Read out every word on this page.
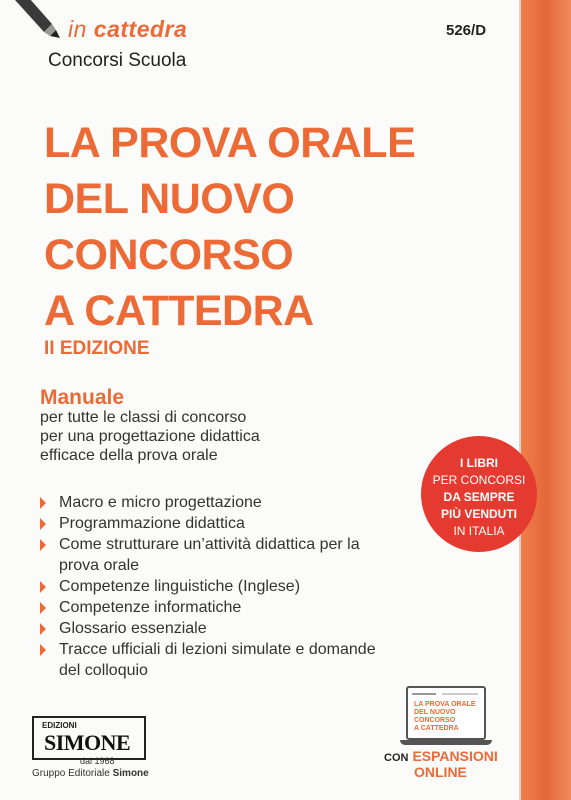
in cattedra
Concorsi Scuola
526/D
LA PROVA ORALE
DEL NUOVO
CONCORSO
A CATTEDRA
II EDIZIONE
Manuale
per tutte le classi di concorso
per una progettazione didattica
efficace della prova orale	I LIBRI
PER CONCORSI
DA SEMPRE
PIÙ VENDUTI
IN ITALIA
Macro e micro progettazione
Programmazione didattica
Come strutturare un’attività didattica per la prova orale
Competenze linguistiche (Inglese)
Competenze informatiche
Glossario essenziale
Tracce ufficiali di lezioni simulate e domande del colloquio
EDIZIONI
SIMONE
dal 1968
Gruppo Editoriale Simone
LA PROVA ORALE
DEL NUOVO
CONCORSO
A CATTEDRA
CON ESPANSIONI
ONLINE
